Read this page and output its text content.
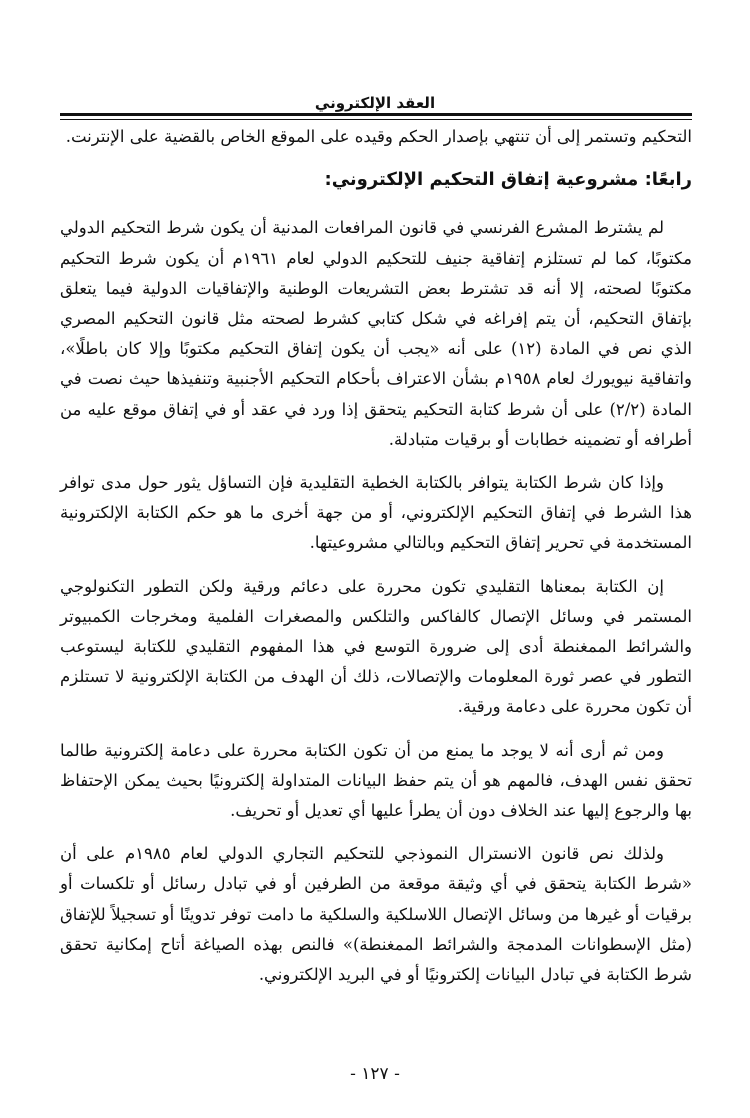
العقد الإلكتروني

التحكيم وتستمر إلى أن تنتهي بإصدار الحكم وقيده على الموقع الخاص بالقضية على الإنترنت.

رابعًا: مشروعية إتفاق التحكيم الإلكتروني:

لم يشترط المشرع الفرنسي في قانون المرافعات المدنية أن يكون شرط التحكيم الدولي مكتوبًا، كما لم تستلزم إتفاقية جنيف للتحكيم الدولي لعام ١٩٦١م أن يكون شرط التحكيم مكتوبًا لصحته، إلا أنه قد تشترط بعض التشريعات الوطنية والإتفاقيات الدولية فيما يتعلق بإتفاق التحكيم، أن يتم إفراغه في شكل كتابي كشرط لصحته مثل قانون التحكيم المصري الذي نص في المادة (١٢) على أنه «يجب أن يكون إتفاق التحكيم مكتوبًا وإلا كان باطلًا»، واتفاقية نيويورك لعام ١٩٥٨م بشأن الاعتراف بأحكام التحكيم الأجنبية وتنفيذها حيث نصت في المادة (٢/٢) على أن شرط كتابة التحكيم يتحقق إذا ورد في عقد أو في إتفاق موقع عليه من أطرافه أو تضمينه خطابات أو برقيات متبادلة.

وإذا كان شرط الكتابة يتوافر بالكتابة الخطية التقليدية فإن التساؤل يثور حول مدى توافر هذا الشرط في إتفاق التحكيم الإلكتروني، أو من جهة أخرى ما هو حكم الكتابة الإلكترونية المستخدمة في تحرير إتفاق التحكيم وبالتالي مشروعيتها.

إن الكتابة بمعناها التقليدي تكون محررة على دعائم ورقية ولكن التطور التكنولوجي المستمر في وسائل الإتصال كالفاكس والتلكس والمصغرات الفلمية ومخرجات الكمبيوتر والشرائط الممغنطة أدى إلى ضرورة التوسع في هذا المفهوم التقليدي للكتابة ليستوعب التطور في عصر ثورة المعلومات والإتصالات، ذلك أن الهدف من الكتابة الإلكترونية لا تستلزم أن تكون محررة على دعامة ورقية.

ومن ثم أرى أنه لا يوجد ما يمنع من أن تكون الكتابة محررة على دعامة إلكترونية طالما تحقق نفس الهدف، فالمهم هو أن يتم حفظ البيانات المتداولة إلكترونيًا بحيث يمكن الإحتفاظ بها والرجوع إليها عند الخلاف دون أن يطرأ عليها أي تعديل أو تحريف.

ولذلك نص قانون الانسترال النموذجي للتحكيم التجاري الدولي لعام ١٩٨٥م على أن «شرط الكتابة يتحقق في أي وثيقة موقعة من الطرفين أو في تبادل رسائل أو تلكسات أو برقيات أو غيرها من وسائل الإتصال اللاسلكية والسلكية ما دامت توفر تدوينًا أو تسجيلاً للإتفاق (مثل الإسطوانات المدمجة والشرائط الممغنطة)» فالنص بهذه الصياغة أتاح إمكانية تحقق شرط الكتابة في تبادل البيانات إلكترونيًا أو في البريد الإلكتروني.

- ١٢٧ -
